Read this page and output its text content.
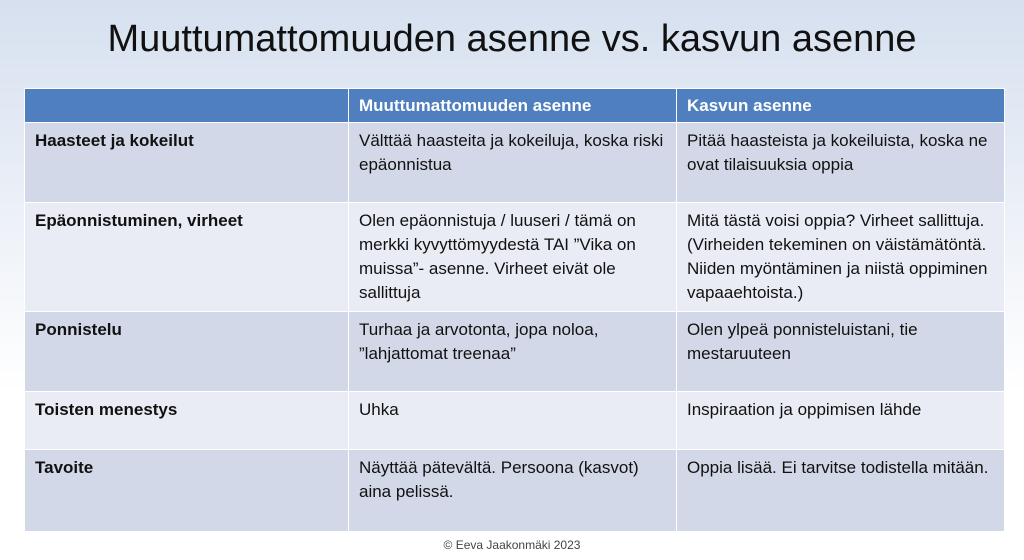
Muuttumattomuuden asenne vs. kasvun asenne
	Muuttumattomuuden asenne	Kasvun asenne
Haasteet ja kokeilut	Välttää haasteita ja kokeiluja, koska riski epäonnistua	Pitää haasteista ja kokeiluista, koska ne ovat tilaisuuksia oppia
Epäonnistuminen, virheet	Olen epäonnistuja / luuseri / tämä on merkki kyvyttömyydestä TAI ”Vika on muissa”- asenne. Virheet eivät ole sallittuja	Mitä tästä voisi oppia? Virheet sallittuja. (Virheiden tekeminen on väistämätöntä. Niiden myöntäminen ja niistä oppiminen vapaaehtoista.)
Ponnistelu	Turhaa ja arvotonta, jopa noloa, ”lahjattomat treenaa”	Olen ylpeä ponnisteluistani, tie mestaruuteen
Toisten menestys	Uhka	Inspiraation ja oppimisen lähde
Tavoite	Näyttää pätevältä. Persoona (kasvot) aina pelissä.	Oppia lisää. Ei tarvitse todistella mitään.
© Eeva Jaakonmäki 2023
